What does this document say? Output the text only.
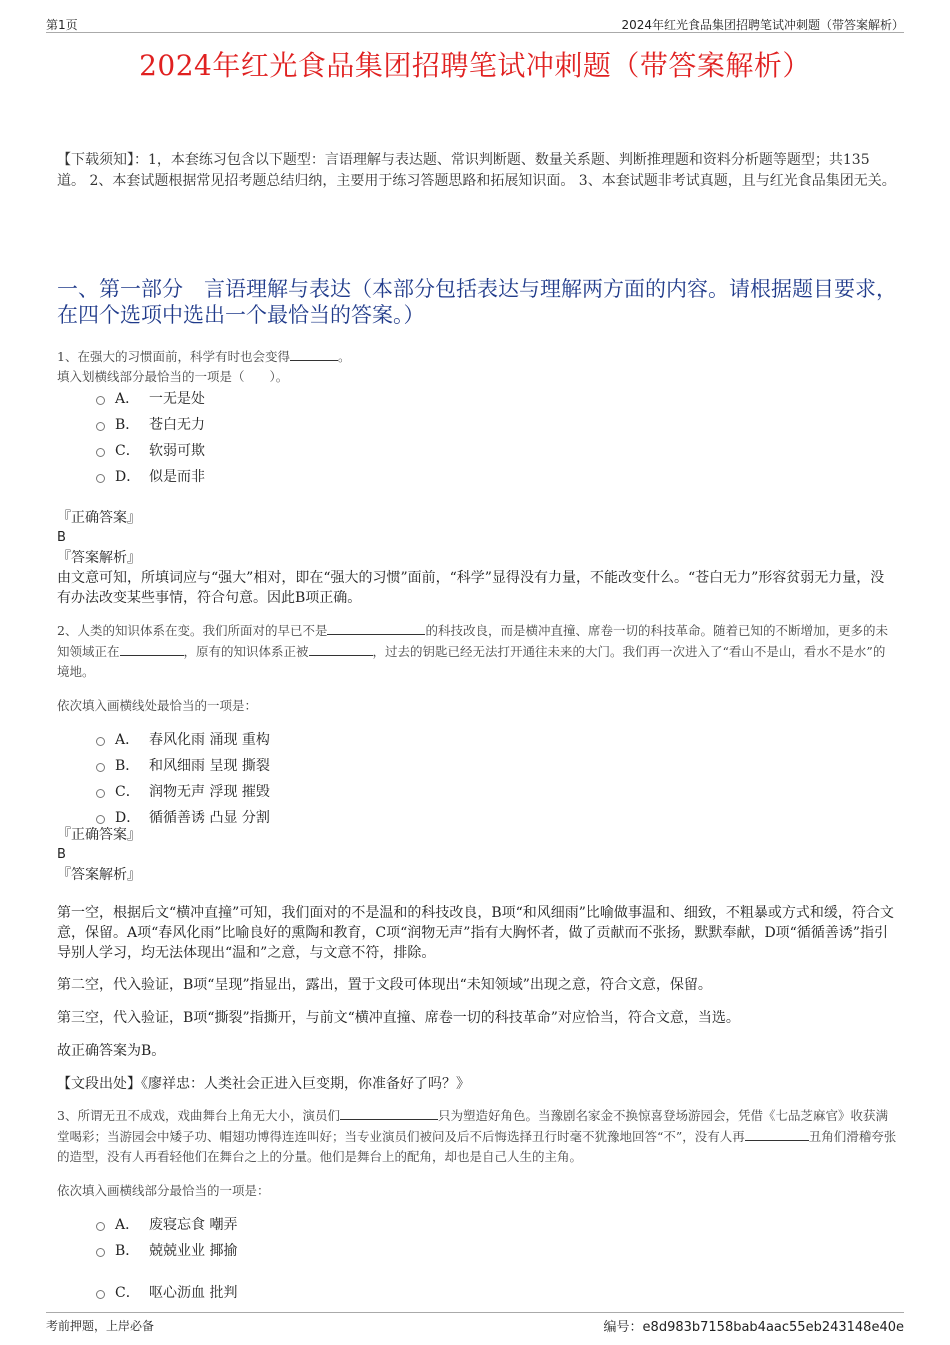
第1页	2024年红光食品集团招聘笔试冲刺题（带答案解析）
2024年红光食品集团招聘笔试冲刺题（带答案解析）
【下载须知】：1，本套练习包含以下题型：言语理解与表达题、常识判断题、数量关系题、判断推理题和资料分析题等题型；共135道。 2、本套试题根据常见招考题总结归纳，主要用于练习答题思路和拓展知识面。 3、本套试题非考试真题，且与红光食品集团无关。
一、第一部分　言语理解与表达（本部分包括表达与理解两方面的内容。请根据题目要求，在四个选项中选出一个最恰当的答案。）
1、在强大的习惯面前，科学有时也会变得	。
填入划横线部分最恰当的一项是（　　）。
A． 一无是处
B． 苍白无力
C． 软弱可欺
D． 似是而非
『正确答案』
B
『答案解析』
由文意可知，所填词应与“强大”相对，即在“强大的习惯”面前，“科学”显得没有力量，不能改变什么。“苍白无力”形容贫弱无力量，没有办法改变某些事情，符合句意。因此B项正确。
2、人类的知识体系在变。我们所面对的早已不是	的科技改良，而是横冲直撞、席卷一切的科技革命。随着已知的不断增加，更多的未知领域正在	，原有的知识体系正被	，过去的钥匙已经无法打开通往未来的大门。我们再一次进入了“看山不是山，看水不是水”的境地。
依次填入画横线处最恰当的一项是：
A． 春风化雨 涌现 重构
B． 和风细雨 呈现 撕裂
C． 润物无声 浮现 摧毁
D． 循循善诱 凸显 分割
『正确答案』
B
『答案解析』
第一空，根据后文“横冲直撞”可知，我们面对的不是温和的科技改良，B项“和风细雨”比喻做事温和、细致，不粗暴或方式和缓，符合文意，保留。A项“春风化雨”比喻良好的熏陶和教育，C项“润物无声”指有大胸怀者，做了贡献而不张扬，默默奉献，D项“循循善诱”指引导别人学习，均无法体现出“温和”之意，与文意不符，排除。
第二空，代入验证，B项“呈现”指显出，露出，置于文段可体现出“未知领域”出现之意，符合文意，保留。
第三空，代入验证，B项“撕裂”指撕开，与前文“横冲直撞、席卷一切的科技革命”对应恰当，符合文意，当选。
故正确答案为B。
【文段出处】《廖祥忠：人类社会正进入巨变期，你准备好了吗？》
3、所谓无丑不成戏，戏曲舞台上角无大小，演员们	只为塑造好角色。当豫剧名家金不换惊喜登场游园会，凭借《七品芝麻官》收获满堂喝彩；当游园会中矮子功、帽翅功博得连连叫好；当专业演员们被问及后不后悔选择丑行时毫不犹豫地回答“不”，没有人再	丑角们滑稽夸张的造型，没有人再看轻他们在舞台之上的分量。他们是舞台上的配角，却也是自己人生的主角。
依次填入画横线部分最恰当的一项是：
A． 废寝忘食 嘲弄
B． 兢兢业业 揶揄
C． 呕心沥血 批判
考前押题，上岸必备	编号：e8d983b7158bab4aac55eb243148e40e
